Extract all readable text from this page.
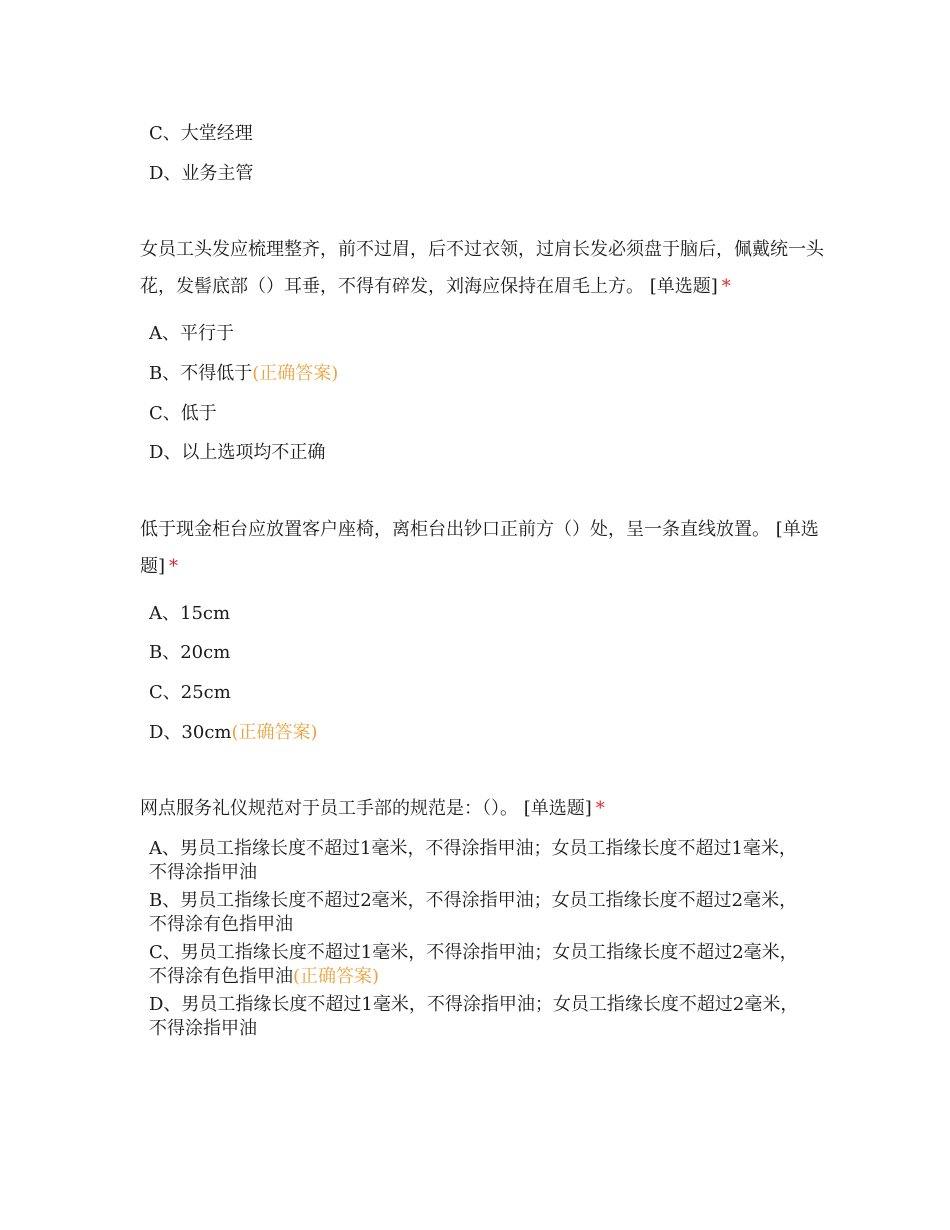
C、大堂经理
D、业务主管
女员工头发应梳理整齐，前不过眉，后不过衣领，过肩长发必须盘于脑后，佩戴统一头花，发髻底部（）耳垂，不得有碎发，刘海应保持在眉毛上方。 [单选题] *
A、平行于
B、不得低于(正确答案)
C、低于
D、以上选项均不正确
低于现金柜台应放置客户座椅，离柜台出钞口正前方（）处，呈一条直线放置。 [单选题] *
A、15cm
B、20cm
C、25cm
D、30cm(正确答案)
网点服务礼仪规范对于员工手部的规范是：（）。 [单选题] *
A、男员工指缘长度不超过1毫米，不得涂指甲油；女员工指缘长度不超过1毫米，不得涂指甲油
B、男员工指缘长度不超过2毫米，不得涂指甲油；女员工指缘长度不超过2毫米，不得涂有色指甲油
C、男员工指缘长度不超过1毫米，不得涂指甲油；女员工指缘长度不超过2毫米，不得涂有色指甲油(正确答案)
D、男员工指缘长度不超过1毫米，不得涂指甲油；女员工指缘长度不超过2毫米，不得涂指甲油
